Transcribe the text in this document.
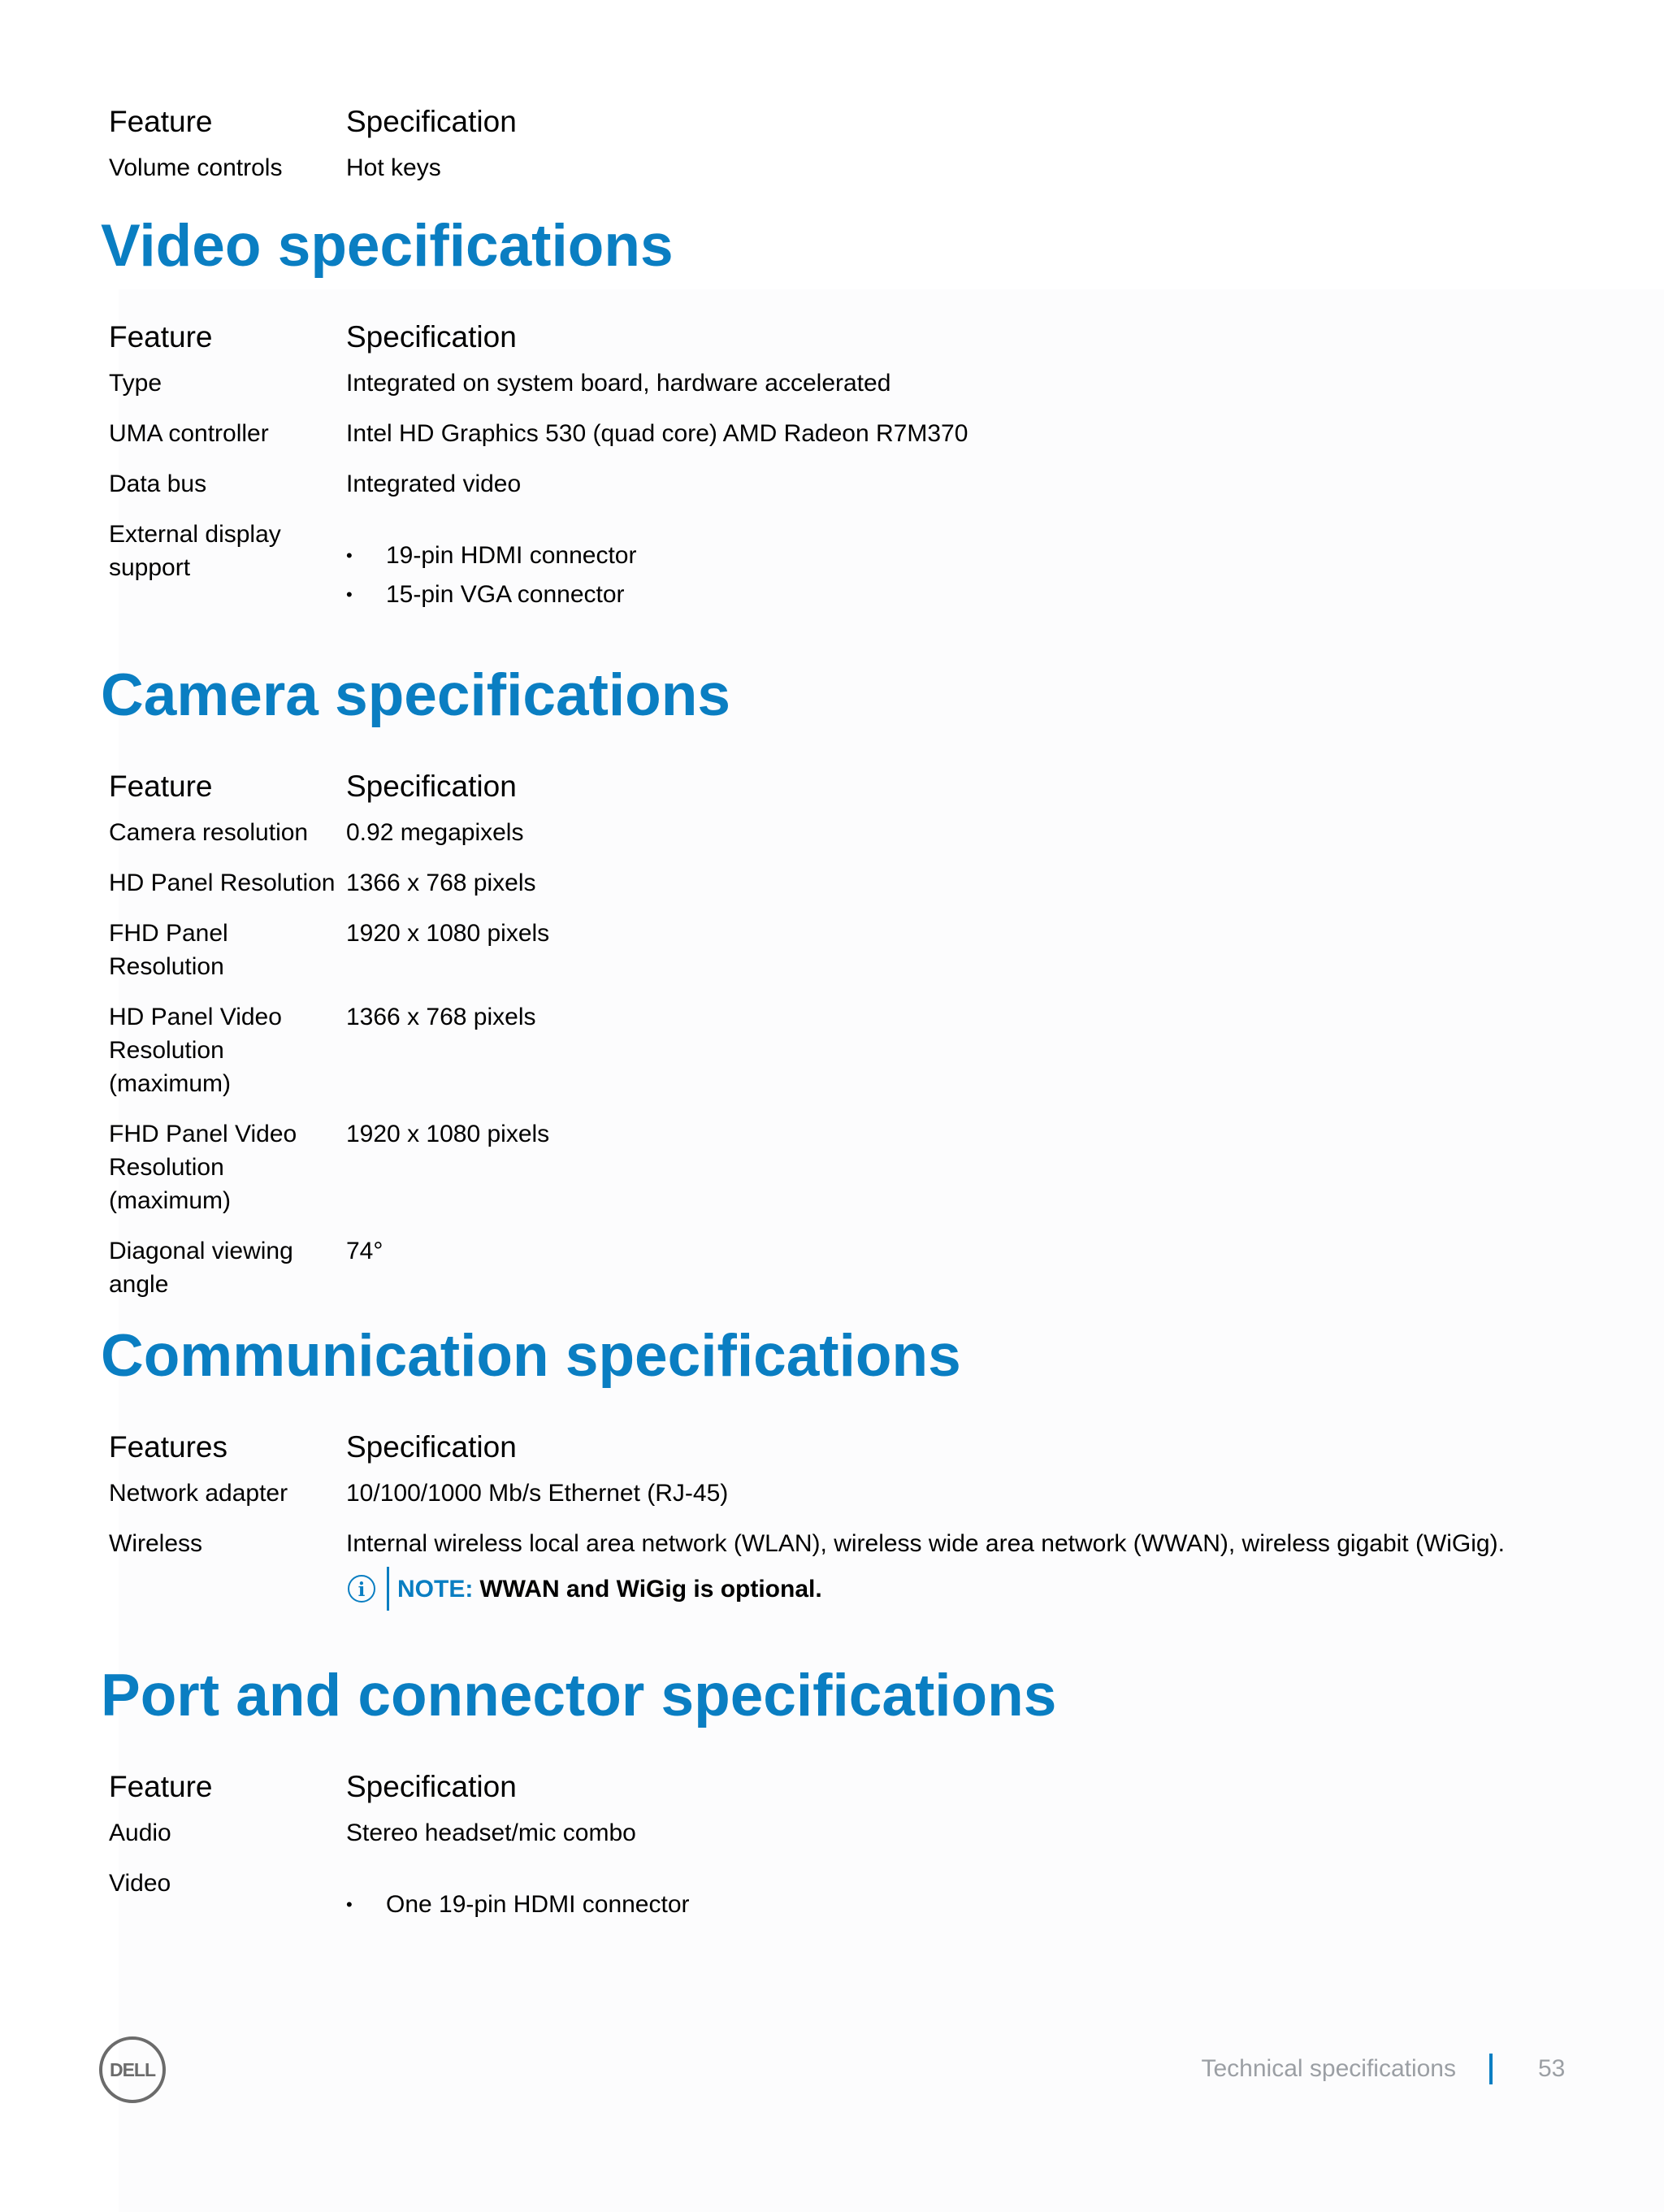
Feature	Specification
Volume controls	Hot keys
Video specifications
Feature	Specification
Type	Integrated on system board, hardware accelerated
UMA controller	Intel HD Graphics 530 (quad core) AMD Radeon R7M370
Data bus	Integrated video
External display
support
•	19-pin HDMI connector
• 15-pin VGA connector
Camera specifications
Feature	Specification
Camera resolution	0.92 megapixels
HD Panel Resolution 1366 x 768 pixels
FHD Panel
Resolution
1920 x 1080 pixels
HD Panel Video
Resolution
(maximum)
1366 x 768 pixels
FHD Panel Video
Resolution
(maximum)
1920 x 1080 pixels
Diagonal viewing
angle
74°
Communication specifications
Features	Specification
Network adapter	10/100/1000 Mb/s Ethernet (RJ-45)
Wireless	Internal wireless local area network (WLAN), wireless wide area network (WWAN), wireless gigabit (WiGig).
i	NOTE: WWAN and WiGig is optional.
Port and connector specifications
Feature	Specification
Audio	Stereo headset/mic combo
Video
• One 19-pin HDMI connector
DELL	Technical specifications	53
